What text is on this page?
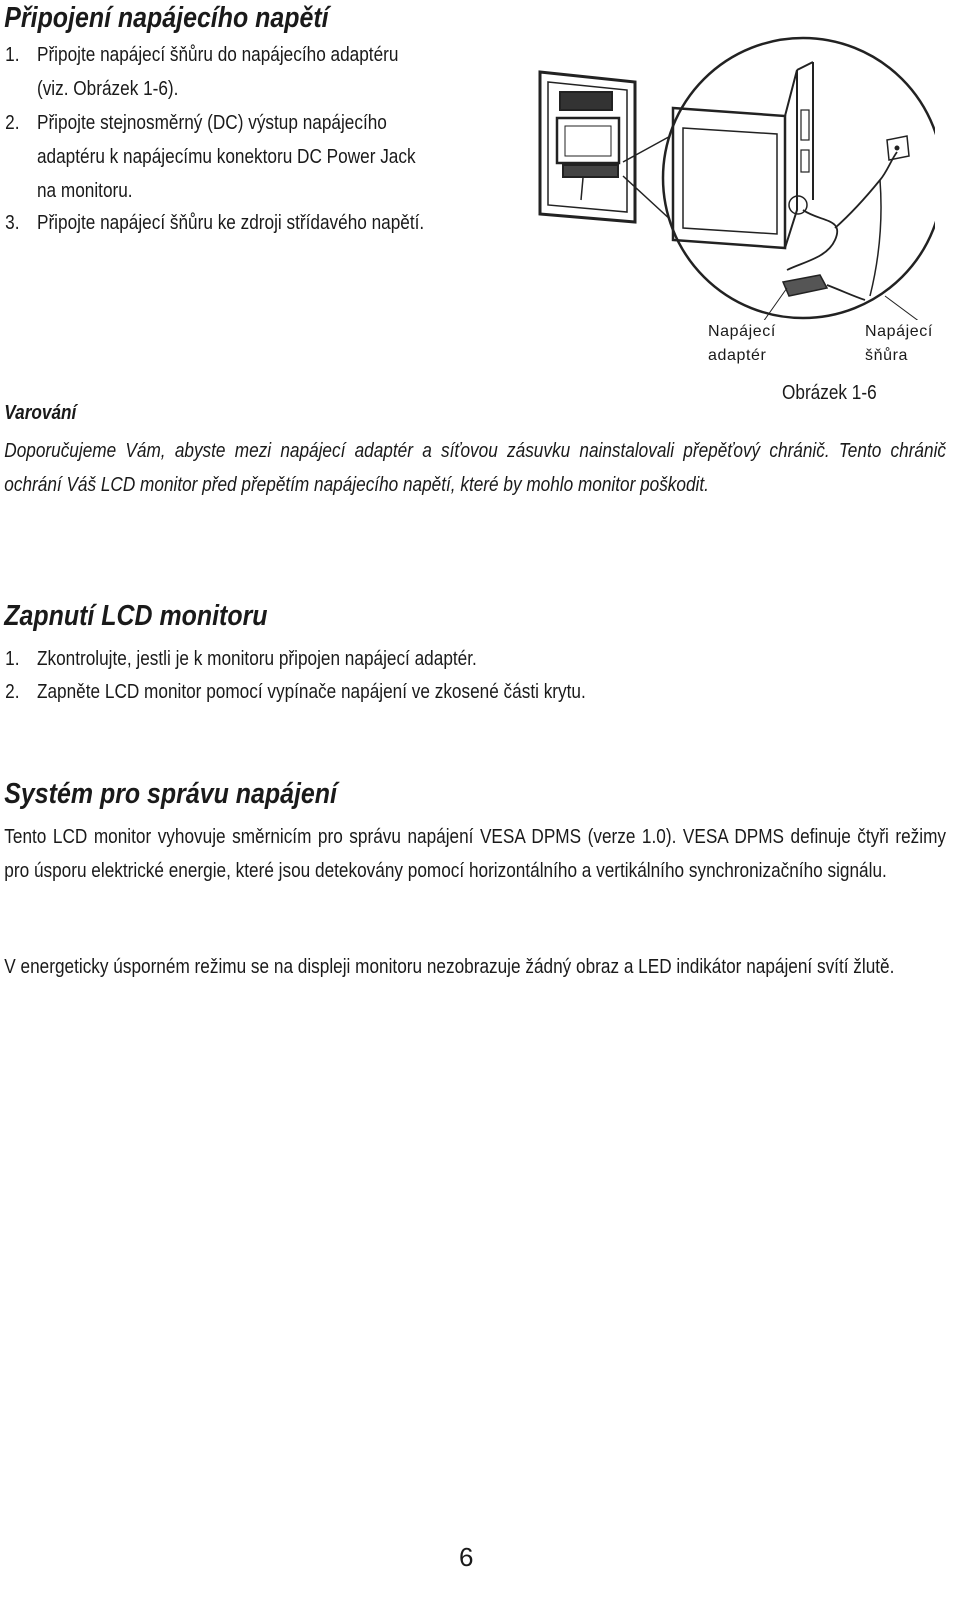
Připojení napájecího napětí
1. Připojte napájecí šňůru do napájecího adaptéru
(viz. Obrázek 1-6).
2. Připojte stejnosměrný (DC) výstup napájecího
adaptéru k napájecímu konektoru DC Power Jack
na monitoru.
3. Připojte napájecí šňůru ke zdroji střídavého napětí.
Napájecí
adaptér
Napájecí
šňůra
Obrázek 1-6
Varování
Doporučujeme Vám, abyste mezi napájecí adaptér a síťovou zásuvku nainstalovali přepěťový chránič. Tento chránič ochrání Váš LCD monitor před přepětím napájecího napětí, které by mohlo monitor poškodit.
Zapnutí LCD monitoru
1. Zkontrolujte, jestli je k monitoru připojen napájecí adaptér.
2. Zapněte LCD monitor pomocí vypínače napájení ve zkosené části krytu.
Systém pro správu napájení
Tento LCD monitor vyhovuje směrnicím pro správu napájení VESA DPMS (verze 1.0). VESA DPMS definuje čtyři režimy pro úsporu elektrické energie, které jsou detekovány pomocí horizontálního a vertikálního synchronizačního signálu.
V energeticky úsporném režimu se na displeji monitoru nezobrazuje žádný obraz a LED indikátor napájení svítí žlutě.
6
